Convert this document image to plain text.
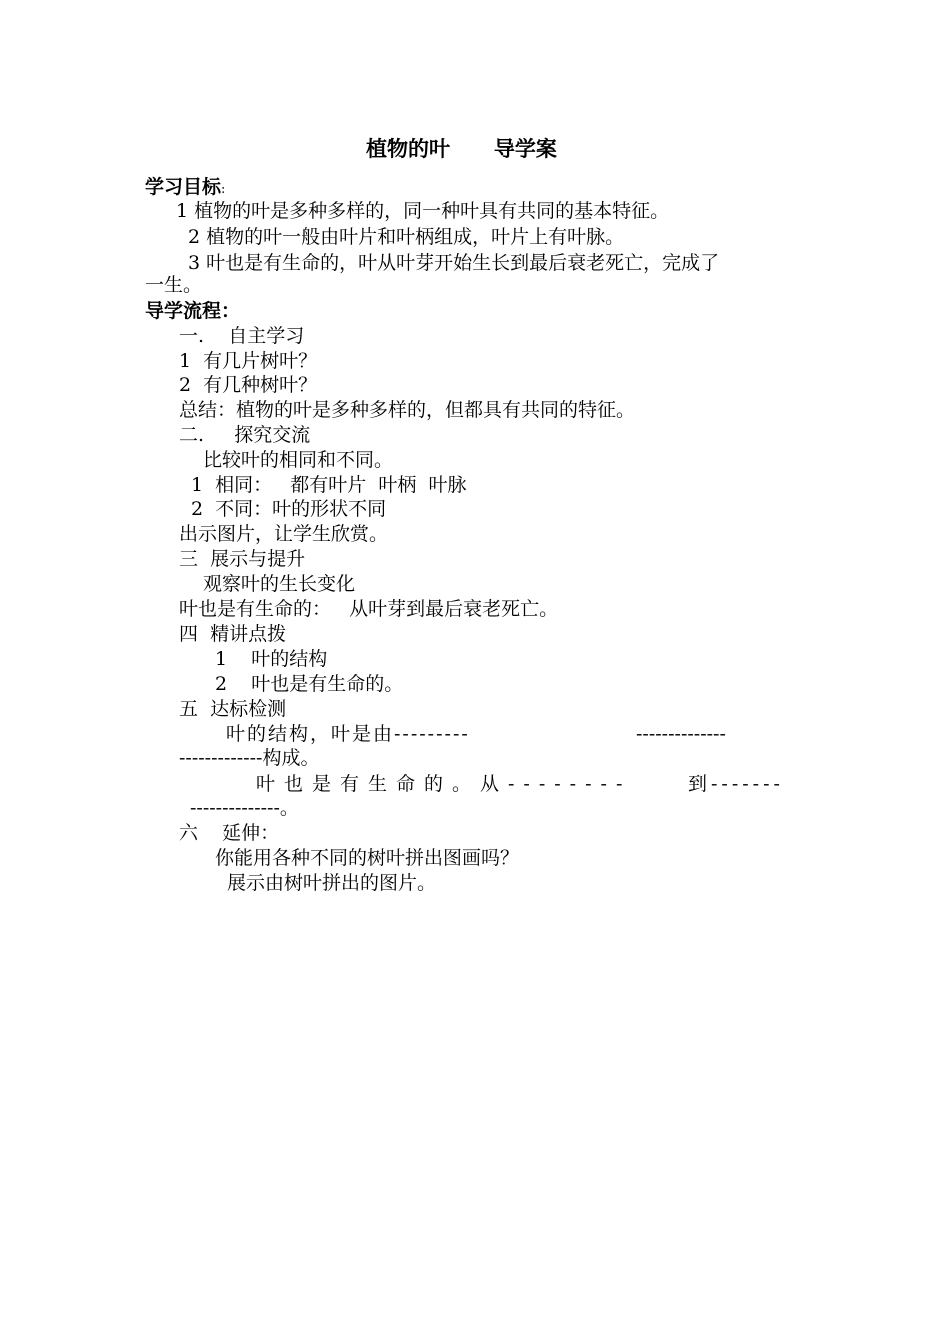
植物的叶      导学案
学习目标:
1 植物的叶是多种多样的，同一种叶具有共同的基本特征。
2 植物的叶一般由叶片和叶柄组成，叶片上有叶脉。
3 叶也是有生命的，叶从叶芽开始生长到最后衰老死亡，完成了
一生。
导学流程：
一.    自主学习
1  有几片树叶？
2  有几种树叶？
总结：植物的叶是多种多样的，但都具有共同的特征。
二.     探究交流
比较叶的相同和不同。
1  相同：   都有叶片  叶柄  叶脉
2  不同：叶的形状不同
出示图片，让学生欣赏。
三  展示与提升
观察叶的生长变化
叶也是有生命的：   从叶芽到最后衰老死亡。
四  精讲点拨
1    叶的结构
2    叶也是有生命的。
五  达标检测
叶的结构，叶是由---------	--------------
-------------构成。
叶也是有生命的。从--------	到-------
--------------。
六    延伸：
你能用各种不同的树叶拼出图画吗？
展示由树叶拼出的图片。
